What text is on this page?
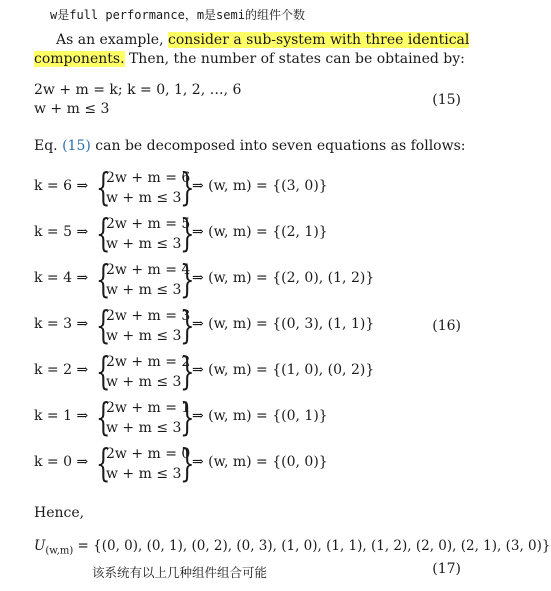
w是full performance，m是semi的组件个数
As an example, consider a sub-system with three identical
components. Then, the number of states can be obtained by:
2w + m = k; k = 0, 1, 2, …, 6
w + m ≤ 3
(15)
Eq. (15) can be decomposed into seven equations as follows:
k = 6 ⇒ {
2w + m = 6
w + m ≤ 3
}
⇒ (w, m) = {(3, 0)}
k = 5 ⇒ {
2w + m = 5
w + m ≤ 3
}
⇒ (w, m) = {(2, 1)}
k = 4 ⇒ {
2w + m = 4
w + m ≤ 3
}
⇒ (w, m) = {(2, 0), (1, 2)}
k = 3 ⇒ {
2w + m = 3
w + m ≤ 3
}
⇒ (w, m) = {(0, 3), (1, 1)}	(16)
k = 2 ⇒ {
2w + m = 2
w + m ≤ 3
}
⇒ (w, m) = {(1, 0), (0, 2)}
k = 1 ⇒ {
2w + m = 1
w + m ≤ 3
}
⇒ (w, m) = {(0, 1)}
k = 0 ⇒ {
2w + m = 0
w + m ≤ 3
}
⇒ (w, m) = {(0, 0)}
Hence,
$U_{(w,m)} = \{(0$, 0), (0, 1), (0, 2), (0, 3), (1, 0), (1, 1), (1, 2), (2, 0), (2, 1), (3, 0)}
该系统有以上几种组件组合可能	(17)
